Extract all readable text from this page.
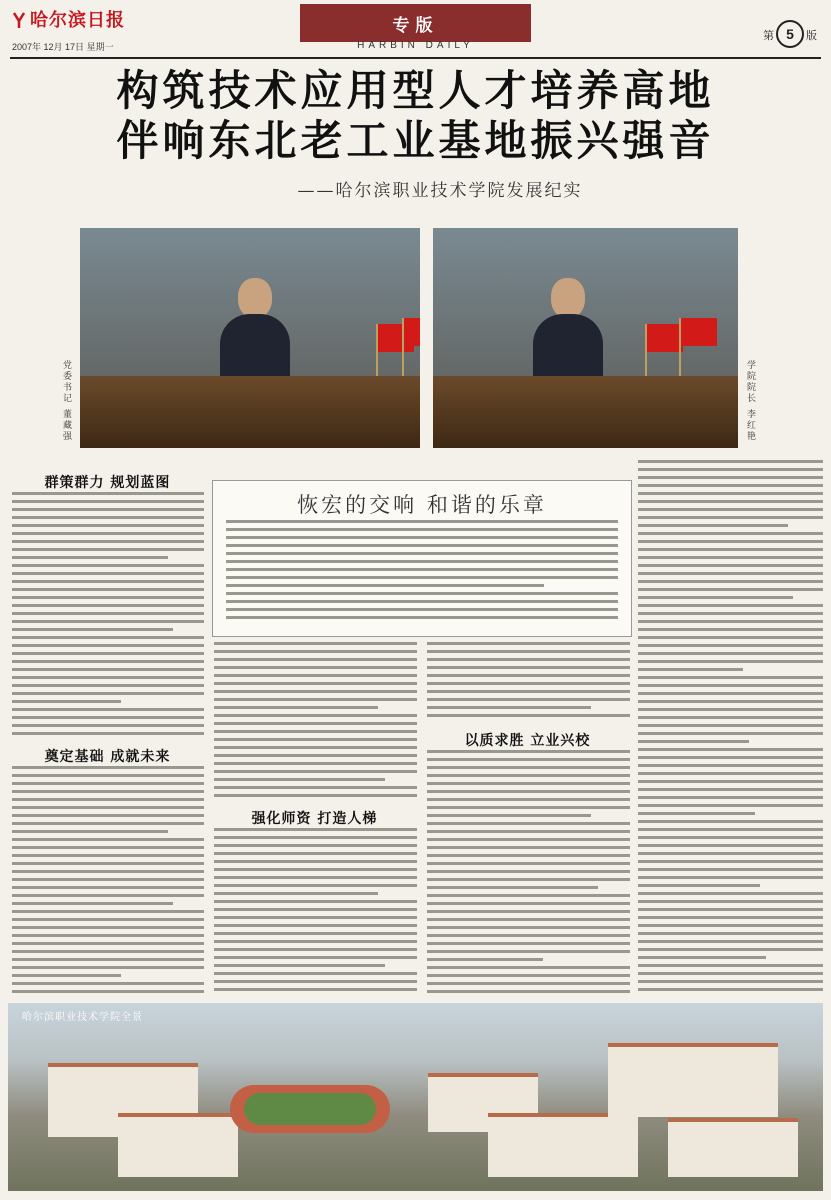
哈尔滨日报
2007年 12月 17日 星期一
专版
HARBIN DAILY
第 5 版
构筑技术应用型人才培养高地
伴响东北老工业基地振兴强音
——哈尔滨职业技术学院发展纪实
党委书记 董藏强
学院院长 李红艳
群策群力 规划蓝图
奠定基础 成就未来
强化师资 打造人梯
以质求胜 立业兴校
恢宏的交响 和谐的乐章
哈尔滨职业技术学院全景
